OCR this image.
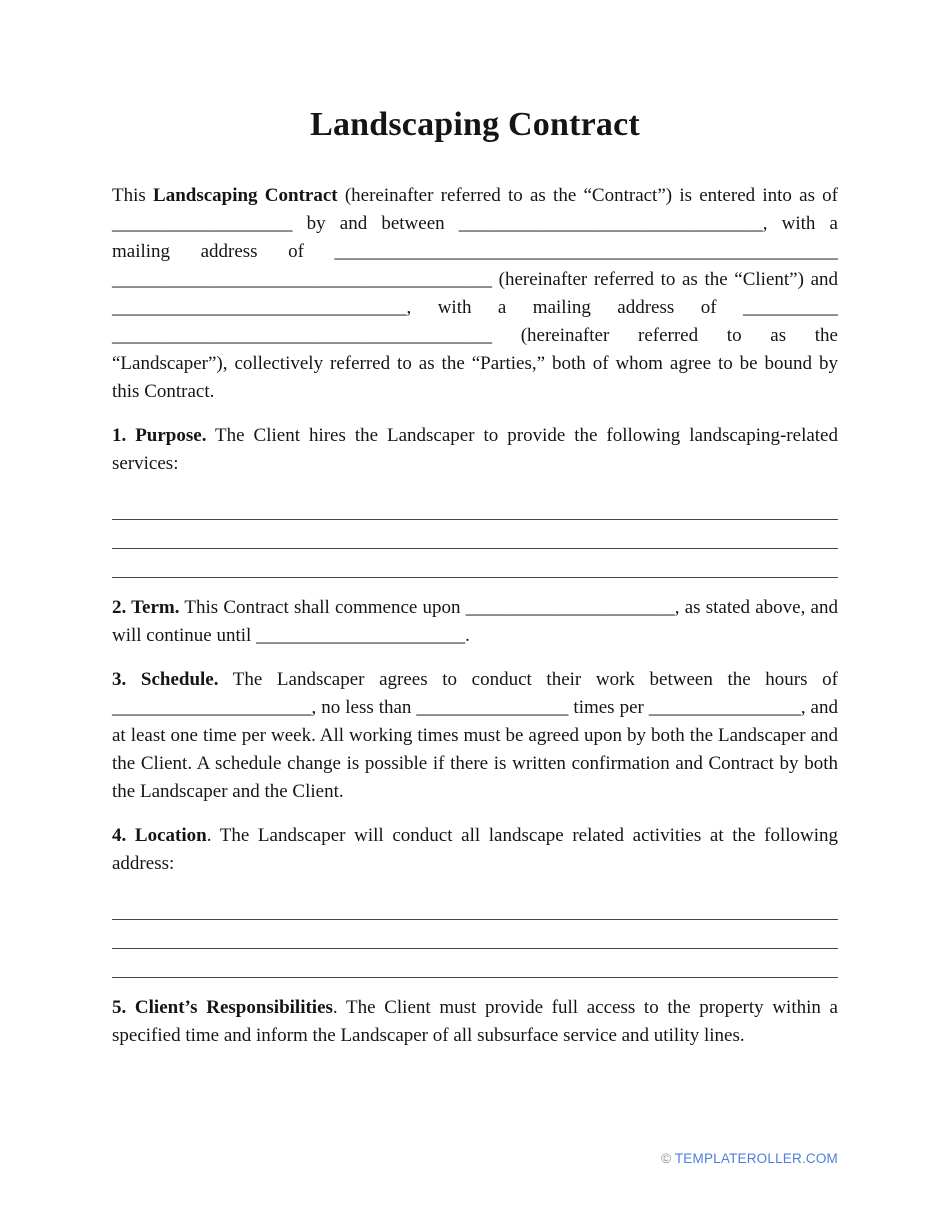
Landscaping Contract

This Landscaping Contract (hereinafter referred to as the “Contract”) is entered into as of ___________________ by and between ________________________________, with a mailing address of _____________________________________________________ ________________________________________ (hereinafter referred to as the “Client”) and _______________________________, with a mailing address of __________ ________________________________________ (hereinafter referred to as the “Landscaper”), collectively referred to as the “Parties,” both of whom agree to be bound by this Contract.

1. Purpose. The Client hires the Landscaper to provide the following landscaping-related services:

2. Term. This Contract shall commence upon ______________________, as stated above, and will continue until ______________________.

3. Schedule. The Landscaper agrees to conduct their work between the hours of _____________________, no less than ________________ times per ________________, and at least one time per week. All working times must be agreed upon by both the Landscaper and the Client. A schedule change is possible if there is written confirmation and Contract by both the Landscaper and the Client.

4. Location. The Landscaper will conduct all landscape related activities at the following address:

5. Client’s Responsibilities. The Client must provide full access to the property within a specified time and inform the Landscaper of all subsurface service and utility lines.

© TEMPLATEROLLER.COM
